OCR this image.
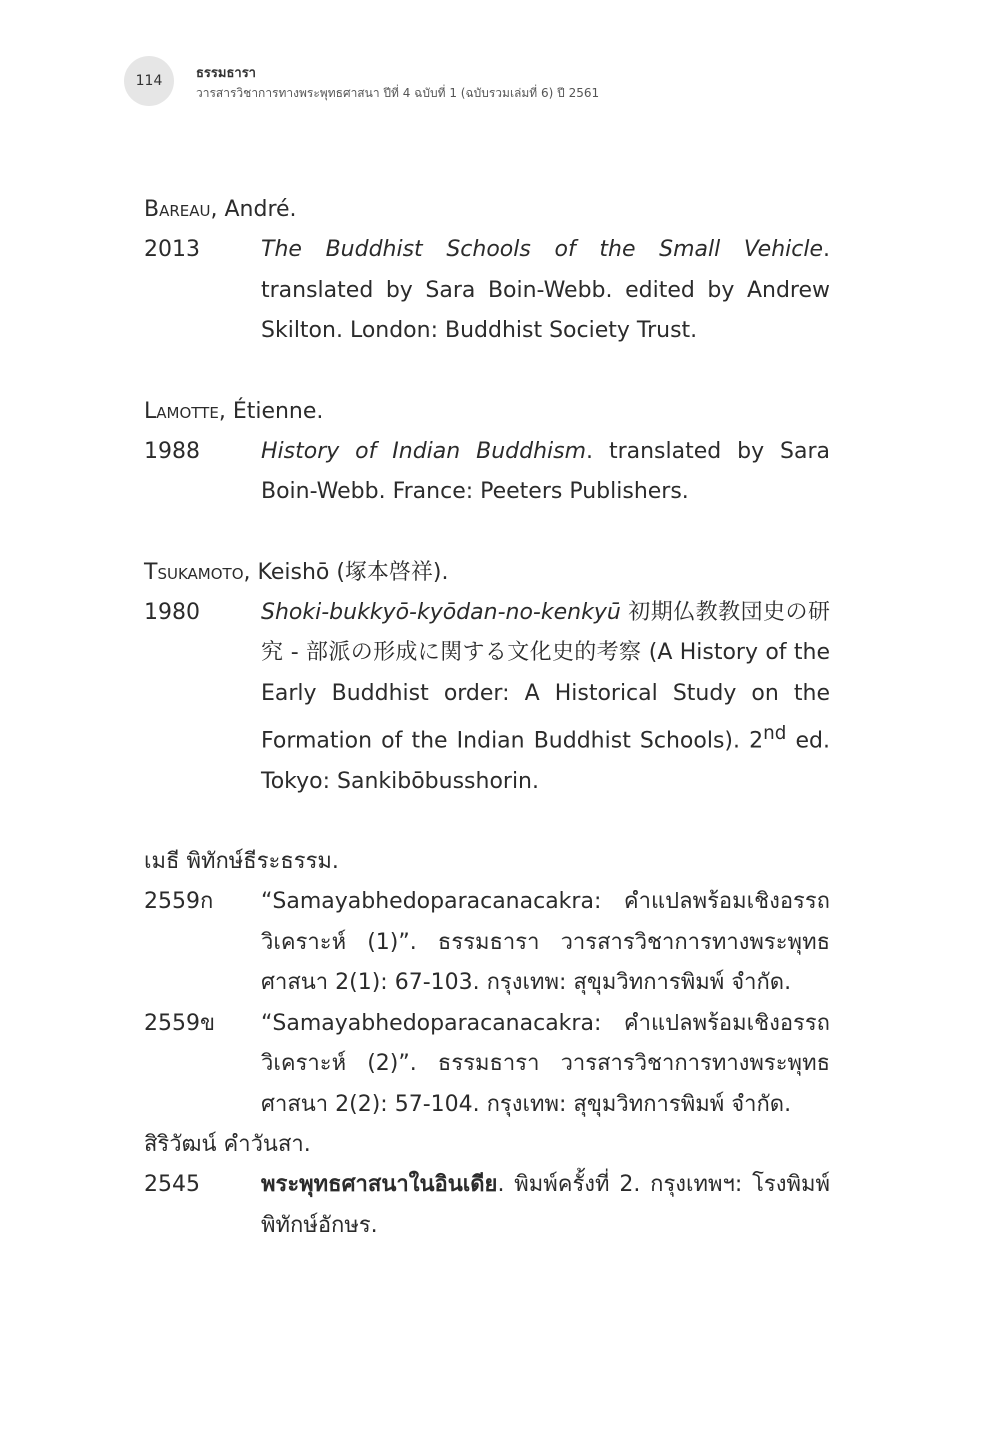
114	ธรรมธารา
วารสารวิชาการทางพระพุทธศาสนา ปีที่ 4 ฉบับที่ 1 (ฉบับรวมเล่มที่ 6) ปี 2561
BAREAU, André.
2013	The Buddhist Schools of the Small Vehicle. translated by Sara Boin-Webb. edited by Andrew Skilton. London: Buddhist Society Trust.
LAMOTTE, Étienne.
1988	History of Indian Buddhism. translated by Sara Boin-Webb. France: Peeters Publishers.
TSUKAMOTO, Keishō (塚本啓祥).
1980	Shoki-bukkyō-kyōdan-no-kenkyū 初期仏教教団史の研究 - 部派の形成に関する文化史的考察 (A History of the Early Buddhist order: A Historical Study on the Formation of the Indian Buddhist Schools). 2nd ed. Tokyo: Sankibōbusshorin.
เมธี พิทักษ์ธีระธรรม.
2559ก	“Samayabhedoparacanacakra: คำแปลพร้อมเชิงอรรถวิเคราะห์ (1)”. ธรรมธารา วารสารวิชาการทางพระพุทธศาสนา 2(1): 67-103. กรุงเทพ: สุขุมวิทการพิมพ์ จำกัด.
2559ข	“Samayabhedoparacanacakra: คำแปลพร้อมเชิงอรรถวิเคราะห์ (2)”. ธรรมธารา วารสารวิชาการทางพระพุทธศาสนา 2(2): 57-104. กรุงเทพ: สุขุมวิทการพิมพ์ จำกัด.
สิริวัฒน์ คำวันสา.
2545	พระพุทธศาสนาในอินเดีย. พิมพ์ครั้งที่ 2. กรุงเทพฯ: โรงพิมพ์พิทักษ์อักษร.
